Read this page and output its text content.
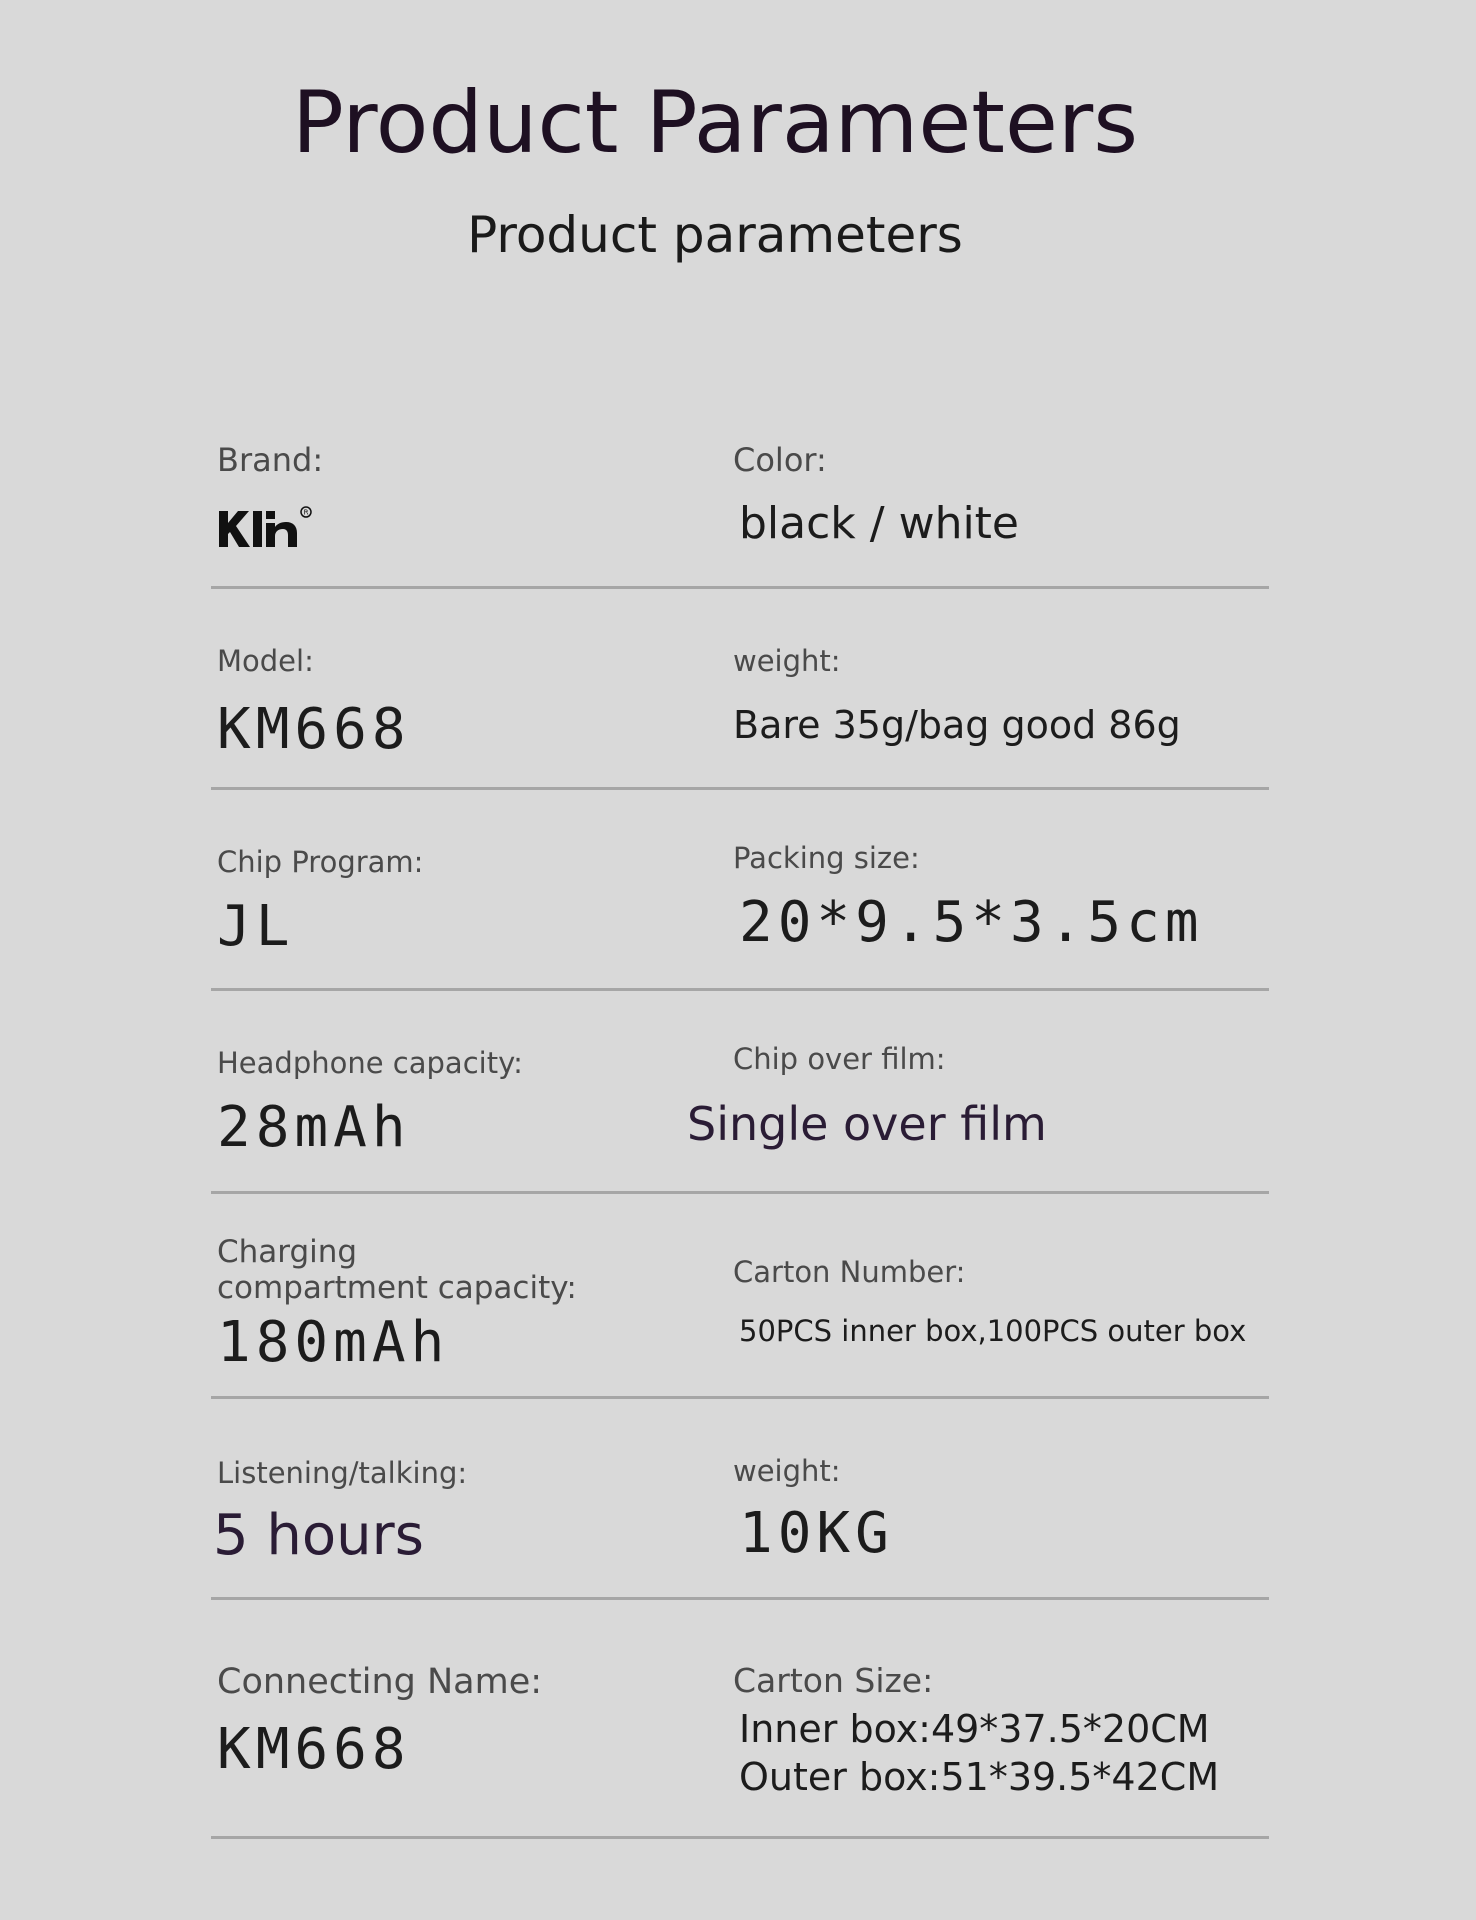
Product Parameters
Product parameters
Brand:
R
Color:
black / white
Model:
KM668
weight:
Bare 35g/bag good 86g
Chip Program:
JL
Packing size:
20*9.5*3.5cm
Headphone capacity:
28mAh
Chip over film:
Single over film
Charging compartment capacity:
180mAh
Carton Number:
50PCS inner box,100PCS outer box
Listening/talking:
5 hours
weight:
10KG
Connecting Name:
KM668
Carton Size:
Inner box:49*37.5*20CM
Outer box:51*39.5*42CM
